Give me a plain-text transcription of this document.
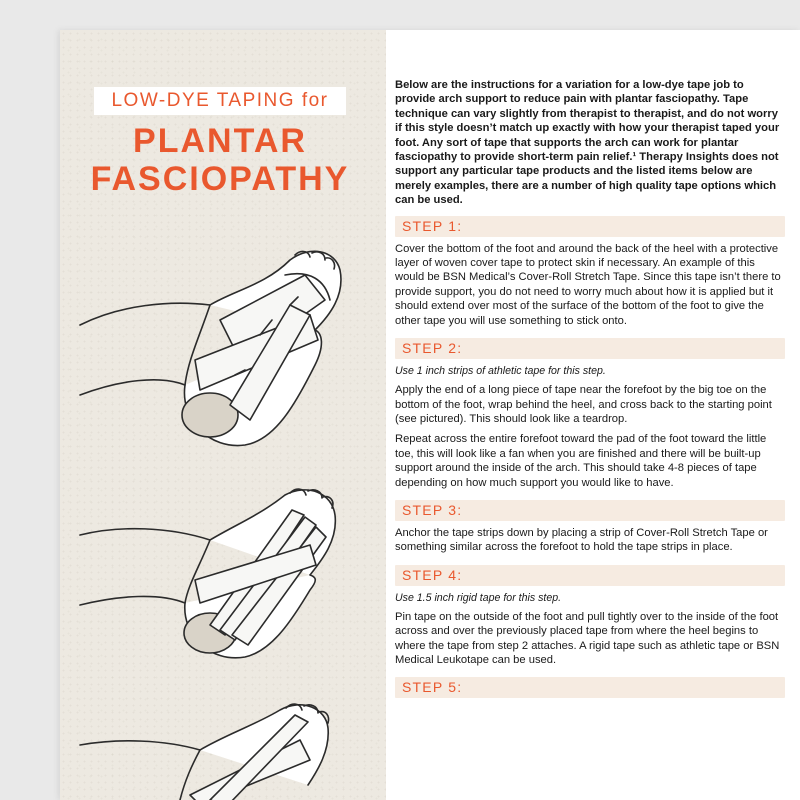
LOW-DYE TAPING for
PLANTAR
FASCIOPATHY
Below are the instructions for a variation for a low-dye tape job to provide arch support to reduce pain with plantar fasciopathy. Tape technique can vary slightly from therapist to therapist, and do not worry if this style doesn’t match up exactly with how your therapist taped your foot. Any sort of tape that supports the arch can work for plantar fasciopathy to provide short-term pain relief.¹ Therapy Insights does not support any particular tape products and the listed items below are merely examples, there are a number of high quality tape options which can be used.
STEP 1:
Cover the bottom of the foot and around the back of the heel with a protective layer of woven cover tape to protect skin if necessary. An example of this would be BSN Medical’s Cover-Roll Stretch Tape. Since this tape isn’t there to provide support, you do not need to worry much about how it is applied but it should extend over most of the surface of the bottom of the foot to give the other tape you will use something to stick onto.
STEP 2:
Use 1 inch strips of athletic tape for this step.
Apply the end of a long piece of tape near the forefoot by the big toe on the bottom of the foot, wrap behind the heel, and cross back to the starting point (see pictured). This should look like a teardrop.
Repeat across the entire forefoot toward the pad of the foot toward the little toe, this will look like a fan when you are finished and there will be built-up support around the inside of the arch. This should take 4-8 pieces of tape depending on how much support you would like to have.
STEP 3:
Anchor the tape strips down by placing a strip of Cover-Roll Stretch Tape or something similar across the forefoot to hold the tape strips in place.
STEP 4:
Use 1.5 inch rigid tape for this step.
Pin tape on the outside of the foot and pull tightly over to the inside of the foot across and over the previously placed tape from where the heel begins to where the tape from step 2 attaches. A rigid tape such as athletic tape or BSN Medical Leukotape can be used.
STEP 5:
